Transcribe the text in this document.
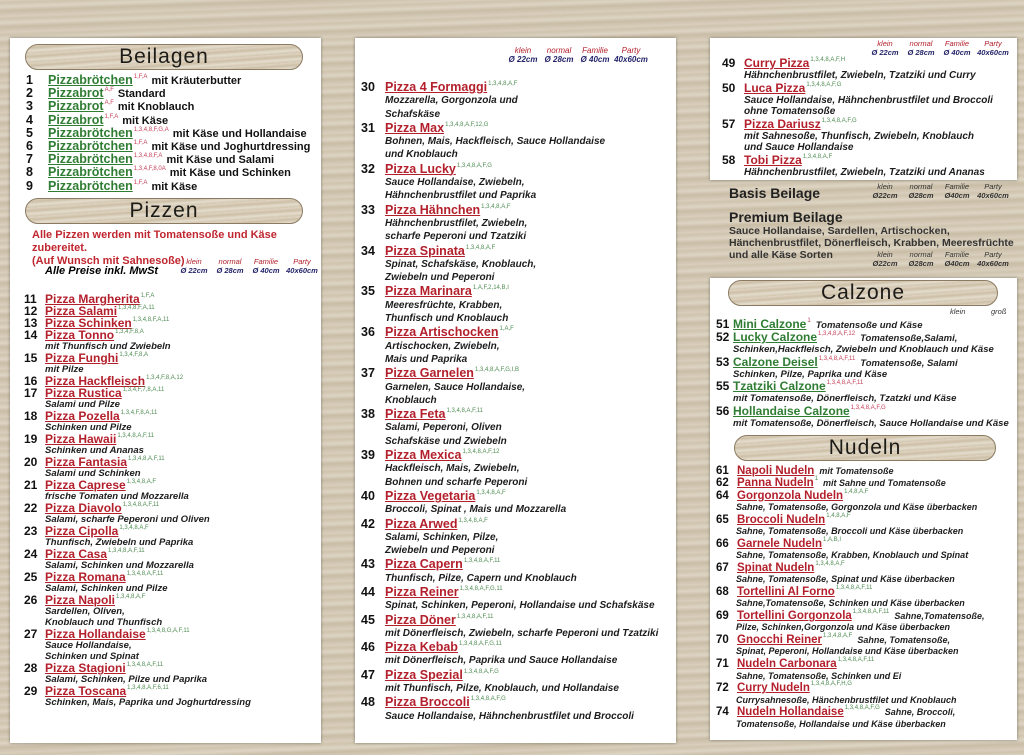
Beilagen
1 Pizzabrötchen$^{1,F,A}$ mit Kräuterbutter
2 Pizzabrot$^{A,F}$ Standard
3 Pizzabrot$^{A,F}$ mit Knoblauch
4 Pizzabrot$^{1,F,A}$ mit Käse
5 Pizzabrötchen$^{1,3,4,8,F,G,A}$ mit Käse und Hollandaise
6 Pizzabrötchen$^{1,F,A}$ mit Käse und Joghurtdressing
7 Pizzabrötchen$^{1,3,4,8,F,A}$ mit Käse und Salami
8 Pizzabrötchen$^{1,3,4,F,8,0A}$ mit Käse und Schinken
9 Pizzabrötchen$^{1,F,A}$ mit Käse
Pizzen
Alle Pizzen werden mit Tomatensoße und Käse zubereitet.
(Auf Wunsch mit Sahnesoße)
Alle Preise inkl. MwSt
klein
Ø 22cm
normal
Ø 28cm
Familie
Ø 40cm
Party
40x60cm
11 Pizza Margherita$^{1,F,A}$
12 Pizza Salami$^{1,3,4,8,F,A,11}$
13 Pizza Schinken$^{1,3,4,8,F,A,11}$
14 Pizza Tonno$^{1,3,4,F,8,A}$
mit Thunfisch und Zwiebeln
15 Pizza Funghi$^{1,3,4,F,8,A}$
mit Pilze
16 Pizza Hackfleisch$^{1,3,4,F,8,A,12}$
17 Pizza Rustica$^{1,3,4,F,7,8,A,11}$
Salami und Pilze
18 Pizza Pozella$^{1,3,4,F,8,A,11}$
Schinken und Pilze
19 Pizza Hawaii$^{1,3,4,8,A,F,11}$
Schinken und Ananas
20 Pizza Fantasia$^{1,3,4,8,A,F,11}$
Salami und Schinken
21 Pizza Caprese$^{1,3,4,8,A,F}$
frische Tomaten und Mozzarella
22 Pizza Diavolo$^{1,3,4,8,A,F,11}$
Salami, scharfe Peperoni und Oliven
23 Pizza Cipolla$^{1,3,4,8,A,F}$
Thunfisch, Zwiebeln und Paprika
24 Pizza Casa$^{1,3,4,8,A,F,11}$
Salami, Schinken und Mozzarella
25 Pizza Romana$^{1,3,4,8,A,F,11}$
Salami, Schinken und Pilze
26 Pizza Napoli$^{1,3,4,8,A,F}$
Sardellen, Oliven,
Knoblauch und Thunfisch
27 Pizza Hollandaise$^{1,3,4,8,G,A,F,11}$
Sauce Hollandaise,
Schinken und Spinat
28 Pizza Stagioni$^{1,3,4,8,A,F,11}$
Salami, Schinken, Pilze und Paprika
29 Pizza Toscana$^{1,3,4,8,A,F,6,11}$
Schinken, Mais, Paprika und Joghurtdressing
klein
Ø 22cm
normal
Ø 28cm
Familie
Ø 40cm
Party
40x60cm
30 Pizza 4 Formaggi$^{1,3,4,8,A,F}$
Mozzarella, Gorgonzola und
Schafskäse
31 Pizza Max$^{1,3,4,8,A,F,12,G}$
Bohnen, Mais, Hackfleisch, Sauce Hollandaise
und Knoblauch
32 Pizza Lucky$^{1,3,4,8,A,F,G}$
Sauce Hollandaise, Zwiebeln,
Hähnchenbrustfilet und Paprika
33 Pizza Hähnchen$^{1,3,4,8,A,F}$
Hähnchenbrustfilet, Zwiebeln,
scharfe Peperoni und Tzatziki
34 Pizza Spinata$^{1,3,4,8,A,F}$
Spinat, Schafskäse, Knoblauch,
Zwiebeln und Peperoni
35 Pizza Marinara$^{1,A,F,2,14,B,I}$
Meeresfrüchte, Krabben,
Thunfisch und Knoblauch
36 Pizza Artischocken$^{1,A,F}$
Artischocken, Zwiebeln,
Mais und Paprika
37 Pizza Garnelen$^{1,3,4,8,A,F,G,I,B}$
Garnelen, Sauce Hollandaise,
Knoblauch
38 Pizza Feta$^{1,3,4,8,A,F,11}$
Salami, Peperoni, Oliven
Schafskäse und Zwiebeln
39 Pizza Mexica$^{1,3,4,8,A,F,12}$
Hackfleisch, Mais, Zwiebeln,
Bohnen und scharfe Peperoni
40 Pizza Vegetaria$^{1,3,4,8,A,F}$
Broccoli, Spinat , Mais und Mozzarella
42 Pizza Arwed$^{1,3,4,8,A,F}$
Salami, Schinken, Pilze,
Zwiebeln und Peperoni
43 Pizza Capern$^{1,3,4,8,A,F,11}$
Thunfisch, Pilze, Capern und Knoblauch
44 Pizza Reiner$^{1,3,4,8,A,F,G,11}$
Spinat, Schinken, Peperoni, Hollandaise und Schafskäse
45 Pizza Döner$^{1,3,4,8,A,F,11}$
mit Dönerfleisch, Zwiebeln, scharfe Peperoni und Tzatziki
46 Pizza Kebab$^{1,3,4,8,A,F,G,11}$
mit Dönerfleisch, Paprika und Sauce Hollandaise
47 Pizza Spezial$^{1,3,4,8,A,F,G}$
mit Thunfisch, Pilze, Knoblauch, und Hollandaise
48 Pizza Broccoli$^{1,3,4,8,A,F,G}$
Sauce Hollandaise, Hähnchenbrustfilet und Broccoli
klein
Ø 22cm
normal
Ø 28cm
Familie
Ø 40cm
Party
40x60cm
49 Curry Pizza$^{1,3,4,8,A,F,H}$
Hähnchenbrustfilet, Zwiebeln, Tzatziki und Curry
50 Luca Pizza$^{1,3,4,8,A,F,G}$
Sauce Hollandaise, Hähnchenbrustfilet und Broccoli
ohne Tomatensoße
57 Pizza Dariusz$^{1,3,4,8,A,F,G}$
mit Sahnesoße, Thunfisch, Zwiebeln, Knoblauch
und Sauce Hollandaise
58 Tobi Pizza$^{1,3,4,8,A,F}$
Hähnchenbrustfilet, Zwiebeln, Tzatziki und Ananas
Basis Beilage	klein
Ø22cm
normal
Ø28cm
Familie
Ø40cm
Party
40x60cm
Premium Beilage
Sauce Hollandaise, Sardellen, Artischocken,
Hänchenbrustfilet, Dönerfleisch, Krabben, Meeresfrüchte
und alle Käse Sorten	klein
Ø22cm
normal
Ø28cm
Familie
Ø40cm
Party
40x60cm
Calzone
klein	groß
51 Mini Calzone$^1$ Tomatensoße und Käse
52 Lucky Calzone$^{1,3,4,8,A,F,12}$ Tomatensoße,Salami,
Schinken,Hackfleisch, Zwiebeln und Knoblauch und Käse
53 Calzone Deisel$^{1,3,4,8,A,F,11}$ Tomatensoße, Salami
Schinken, Pilze, Paprika und Käse
55 Tzatziki Calzone$^{1,3,4,8,A,F,11}$
mit Tomatensoße, Dönerfleisch, Tzatzki und Käse
56 Hollandaise Calzone$^{1,3,4,8,A,F,G}$
mit Tomatensoße, Dönerfleisch, Sauce Hollandaise und Käse
Nudeln
61 Napoli Nudeln mit Tomatensoße
62 Panna Nudeln$^1$ mit Sahne und Tomatensoße
64 Gorgonzola Nudeln$^{1,4,8,A,F}$
Sahne, Tomatensoße, Gorgonzola und Käse überbacken
65 Broccoli Nudeln$^{1,4,8,A,F}$
Sahne, Tomatensoße, Broccoli und Käse überbacken
66 Garnele Nudeln$^{1,A,B,I}$
Sahne, Tomatensoße, Krabben, Knoblauch und Spinat
67 Spinat Nudeln$^{1,3,4,8,A,F}$
Sahne, Tomatensoße, Spinat und Käse überbacken
68 Tortellini Al Forno$^{1,3,4,8,A,F,11}$
Sahne,Tomatensoße, Schinken und Käse überbacken
69 Tortellini Gorgonzola$^{1,3,4,8,A,F,11}$ Sahne,Tomatensoße,
Pilze, Schinken,Gorgonzola und Käse überbacken
70 Gnocchi Reiner$^{1,3,4,8,A,F}$ Sahne, Tomatensoße,
Spinat, Peperoni, Hollandaise und Käse überbacken
71 Nudeln Carbonara$^{1,3,4,8,A,F,11}$
Sahne, Tomatensoße, Schinken und Ei
72 Curry Nudeln$^{1,3,4,8,A,F,H,G}$
Currysahnesoße, Hänchenbrustfilet und Knoblauch
74 Nudeln Hollandaise$^{1,3,4,8,A,F,G}$ Sahne, Broccoli,
Tomatensoße, Hollandaise und Käse überbacken
